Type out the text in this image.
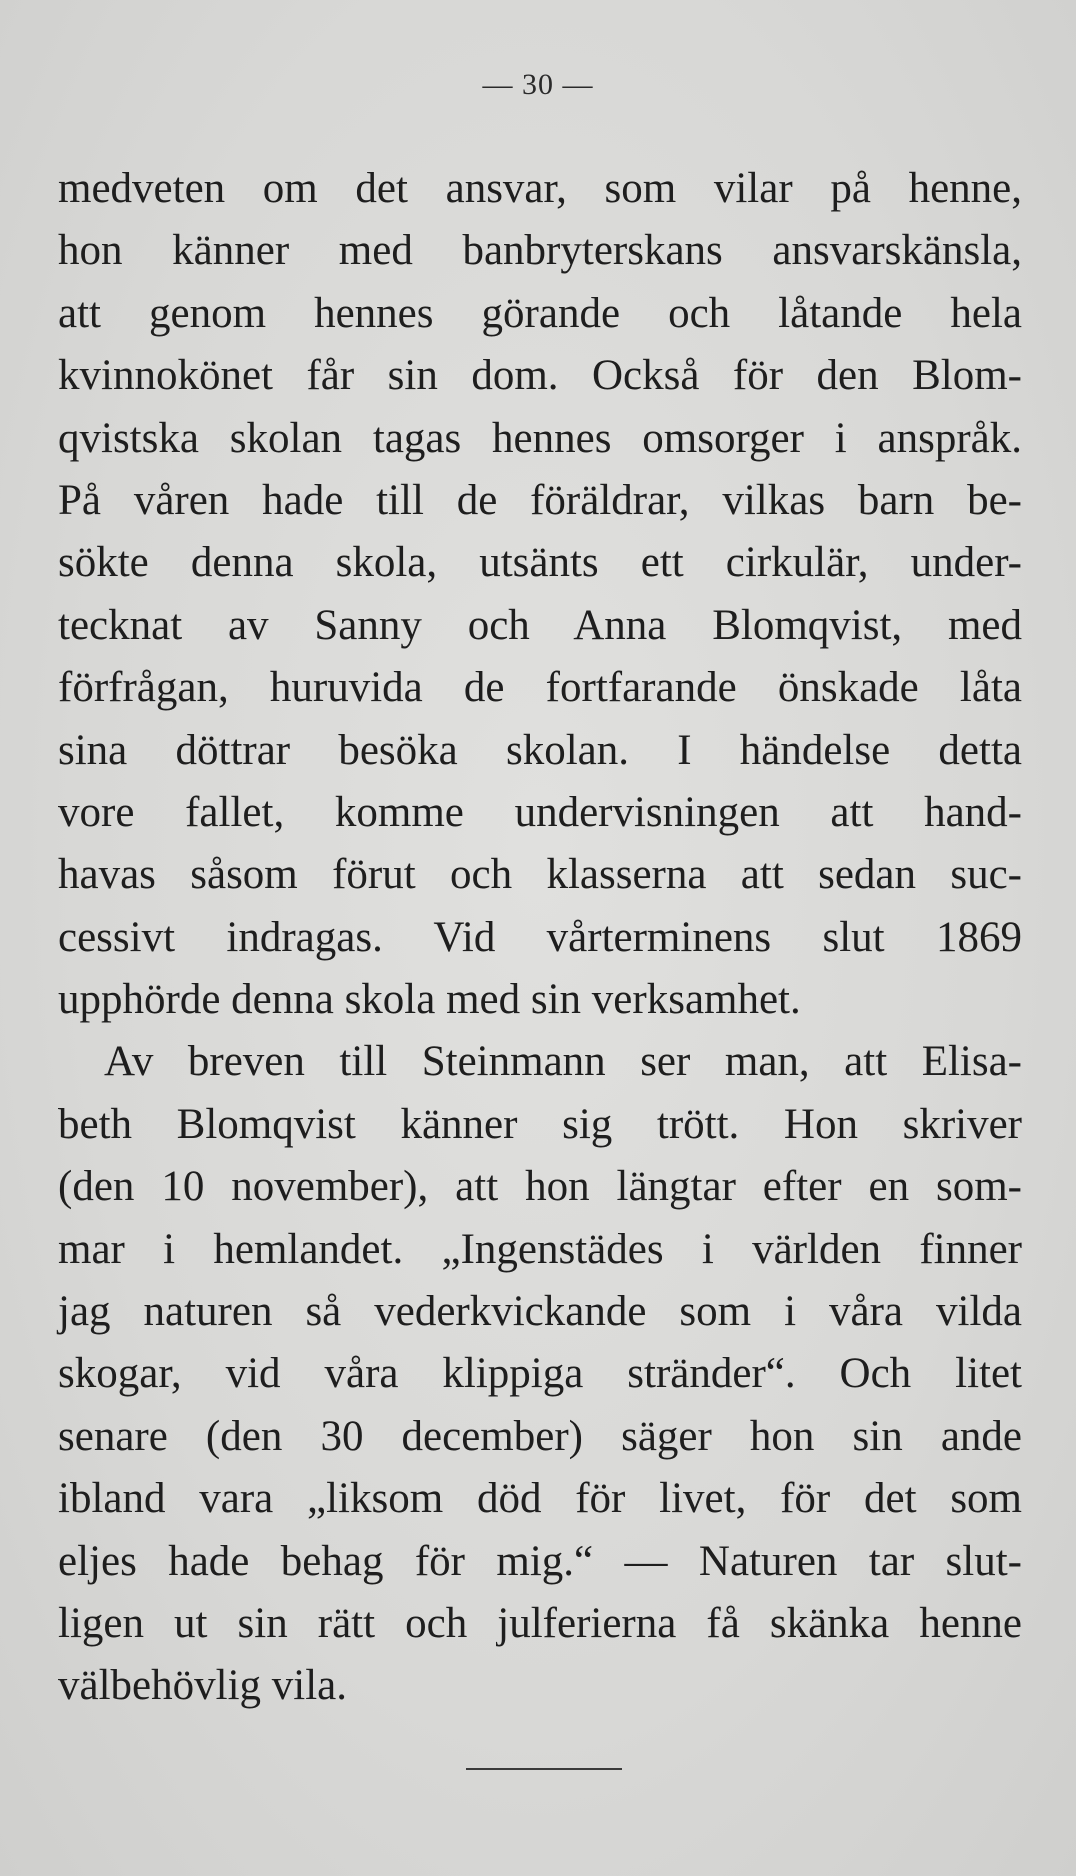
— 30 —
medveten om det ansvar, som vilar på henne,
hon känner med banbryterskans ansvarskänsla,
att genom hennes görande och låtande hela
kvinnokönet får sin dom. Också för den Blom-
qvistska skolan tagas hennes omsorger i anspråk.
På våren hade till de föräldrar, vilkas barn be-
sökte denna skola, utsänts ett cirkulär, under-
tecknat av Sanny och Anna Blomqvist, med
förfrågan, huruvida de fortfarande önskade låta
sina döttrar besöka skolan. I händelse detta
vore fallet, komme undervisningen att hand-
havas såsom förut och klasserna att sedan suc-
cessivt indragas. Vid vårterminens slut 1869
upphörde denna skola med sin verksamhet.
Av breven till Steinmann ser man, att Elisa-
beth Blomqvist känner sig trött. Hon skriver
(den 10 november), att hon längtar efter en som-
mar i hemlandet. „Ingenstädes i världen finner
jag naturen så vederkvickande som i våra vilda
skogar, vid våra klippiga stränder“. Och litet
senare (den 30 december) säger hon sin ande
ibland vara „liksom död för livet, för det som
eljes hade behag för mig.“ — Naturen tar slut-
ligen ut sin rätt och julferierna få skänka henne
välbehövlig vila.
